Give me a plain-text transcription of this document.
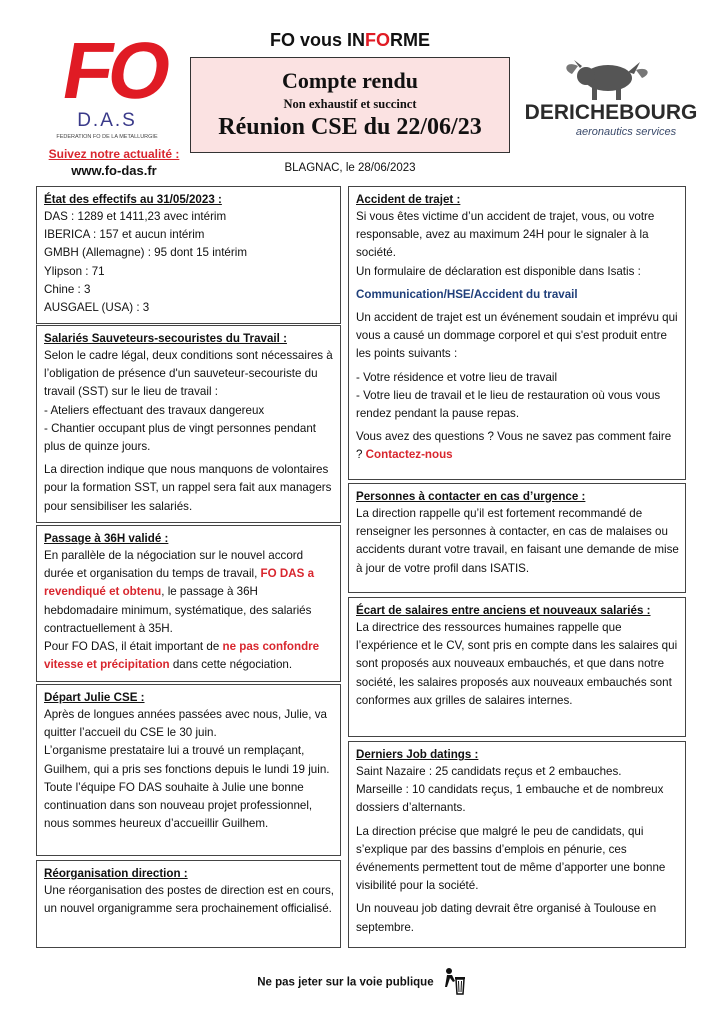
FO
D.A.S
FEDERATION FO DE LA METALLURGIE
Suivez notre actualité :
www.fo-das.fr
FO vous INFORME
Compte rendu
Non exhaustif et succinct
Réunion CSE du 22/06/23
BLAGNAC, le 28/06/2023
DERICHEBOURG
aeronautics services
État des effectifs au 31/05/2023 :

DAS : 1289 et 1411,23 avec intérim

IBERICA : 157 et aucun intérim

GMBH (Allemagne) : 95 dont 15 intérim

Ylipson : 71

Chine : 3

AUSGAEL (USA) : 3

Salariés Sauveteurs-secouristes du Travail :

Selon le cadre légal, deux conditions sont nécessaires à l’obligation de présence d'un sauveteur-secouriste du travail (SST) sur le lieu de travail :

- Ateliers effectuant des travaux dangereux

- Chantier occupant plus de vingt personnes pendant plus de quinze jours.

La direction indique que nous manquons de volontaires pour la formation SST, un rappel sera fait aux managers pour sensibiliser les salariés.

Passage à 36H validé :

En parallèle de la négociation sur le nouvel accord durée et organisation du temps de travail, FO DAS a revendiqué et obtenu, le passage à 36H hebdomadaire minimum, systématique, des salariés contractuellement à 35H.

Pour FO DAS, il était important de ne pas confondre vitesse et précipitation dans cette négociation.

Départ Julie CSE :

Après de longues années passées avec nous, Julie, va quitter l’accueil du CSE le 30 juin.

L’organisme prestataire lui a trouvé un remplaçant, Guilhem, qui a pris ses fonctions depuis le lundi 19 juin.

Toute l’équipe FO DAS souhaite à Julie une bonne continuation dans son nouveau projet professionnel, nous sommes heureux d’accueillir Guilhem.

Réorganisation direction :

Une réorganisation des postes de direction est en cours, un nouvel organigramme sera prochainement officialisé.

Accident de trajet :

Si vous êtes victime d’un accident de trajet, vous, ou votre responsable, avez au maximum 24H pour le signaler à la société.

Un formulaire de déclaration est disponible dans Isatis :

Communication/HSE/Accident du travail

Un accident de trajet est un événement soudain et imprévu qui vous a causé un dommage corporel et qui s'est produit entre les points suivants :

- Votre résidence et votre lieu de travail

- Votre lieu de travail et le lieu de restauration où vous vous rendez pendant la pause repas.

Vous avez des questions ? Vous ne savez pas comment faire ? Contactez-nous

Personnes à contacter en cas d’urgence :

La direction rappelle qu’il est fortement recommandé de renseigner les personnes à contacter, en cas de malaises ou accidents durant votre travail, en faisant une demande de mise à jour de votre profil dans ISATIS.

Écart de salaires entre anciens et nouveaux salariés :

La directrice des ressources humaines rappelle que l’expérience et le CV, sont pris en compte dans les salaires qui sont proposés aux nouveaux embauchés, et que dans notre société, les salaires proposés aux nouveaux embauchés sont conformes aux grilles de salaires internes.

Derniers Job datings :

Saint Nazaire : 25 candidats reçus et 2 embauches.

Marseille : 10 candidats reçus, 1 embauche et de nombreux dossiers d’alternants.

La direction précise que malgré le peu de candidats, qui s’explique par des bassins d’emplois en pénurie, ces événements permettent tout de même d’apporter une bonne visibilité pour la société.

Un nouveau job dating devrait être organisé à Toulouse en septembre.

Ne pas jeter sur la voie publique
